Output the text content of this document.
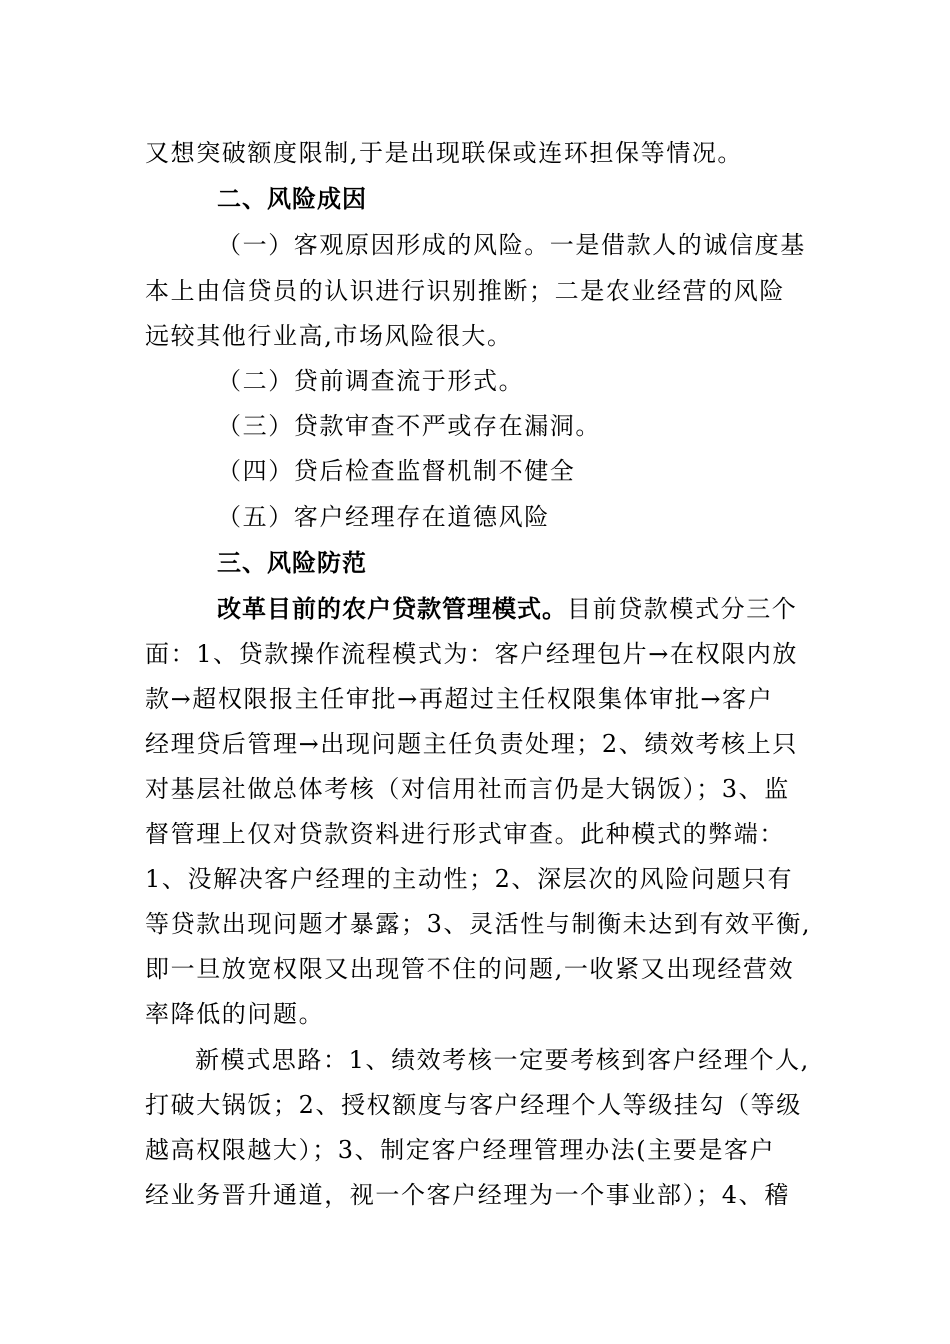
又想突破额度限制,于是出现联保或连环担保等情况。
二、风险成因
（一）客观原因形成的风险。一是借款人的诚信度基
本上由信贷员的认识进行识别推断；二是农业经营的风险
远较其他行业高,市场风险很大。
（二）贷前调查流于形式。
（三）贷款审查不严或存在漏洞。
（四）贷后检查监督机制不健全
（五）客户经理存在道德风险
三、风险防范
改革目前的农户贷款管理模式。目前贷款模式分三个
面：1、贷款操作流程模式为：客户经理包片→在权限内放
款→超权限报主任审批→再超过主任权限集体审批→客户
经理贷后管理→出现问题主任负责处理；2、绩效考核上只
对基层社做总体考核（对信用社而言仍是大锅饭）；3、监
督管理上仅对贷款资料进行形式审查。此种模式的弊端：
1、没解决客户经理的主动性；2、深层次的风险问题只有
等贷款出现问题才暴露；3、灵活性与制衡未达到有效平衡,
即一旦放宽权限又出现管不住的问题,一收紧又出现经营效
率降低的问题。
新模式思路：1、绩效考核一定要考核到客户经理个人,
打破大锅饭；2、授权额度与客户经理个人等级挂勾（等级
越高权限越大）；3、制定客户经理管理办法(主要是客户
经业务晋升通道，视一个客户经理为一个事业部）；4、稽
